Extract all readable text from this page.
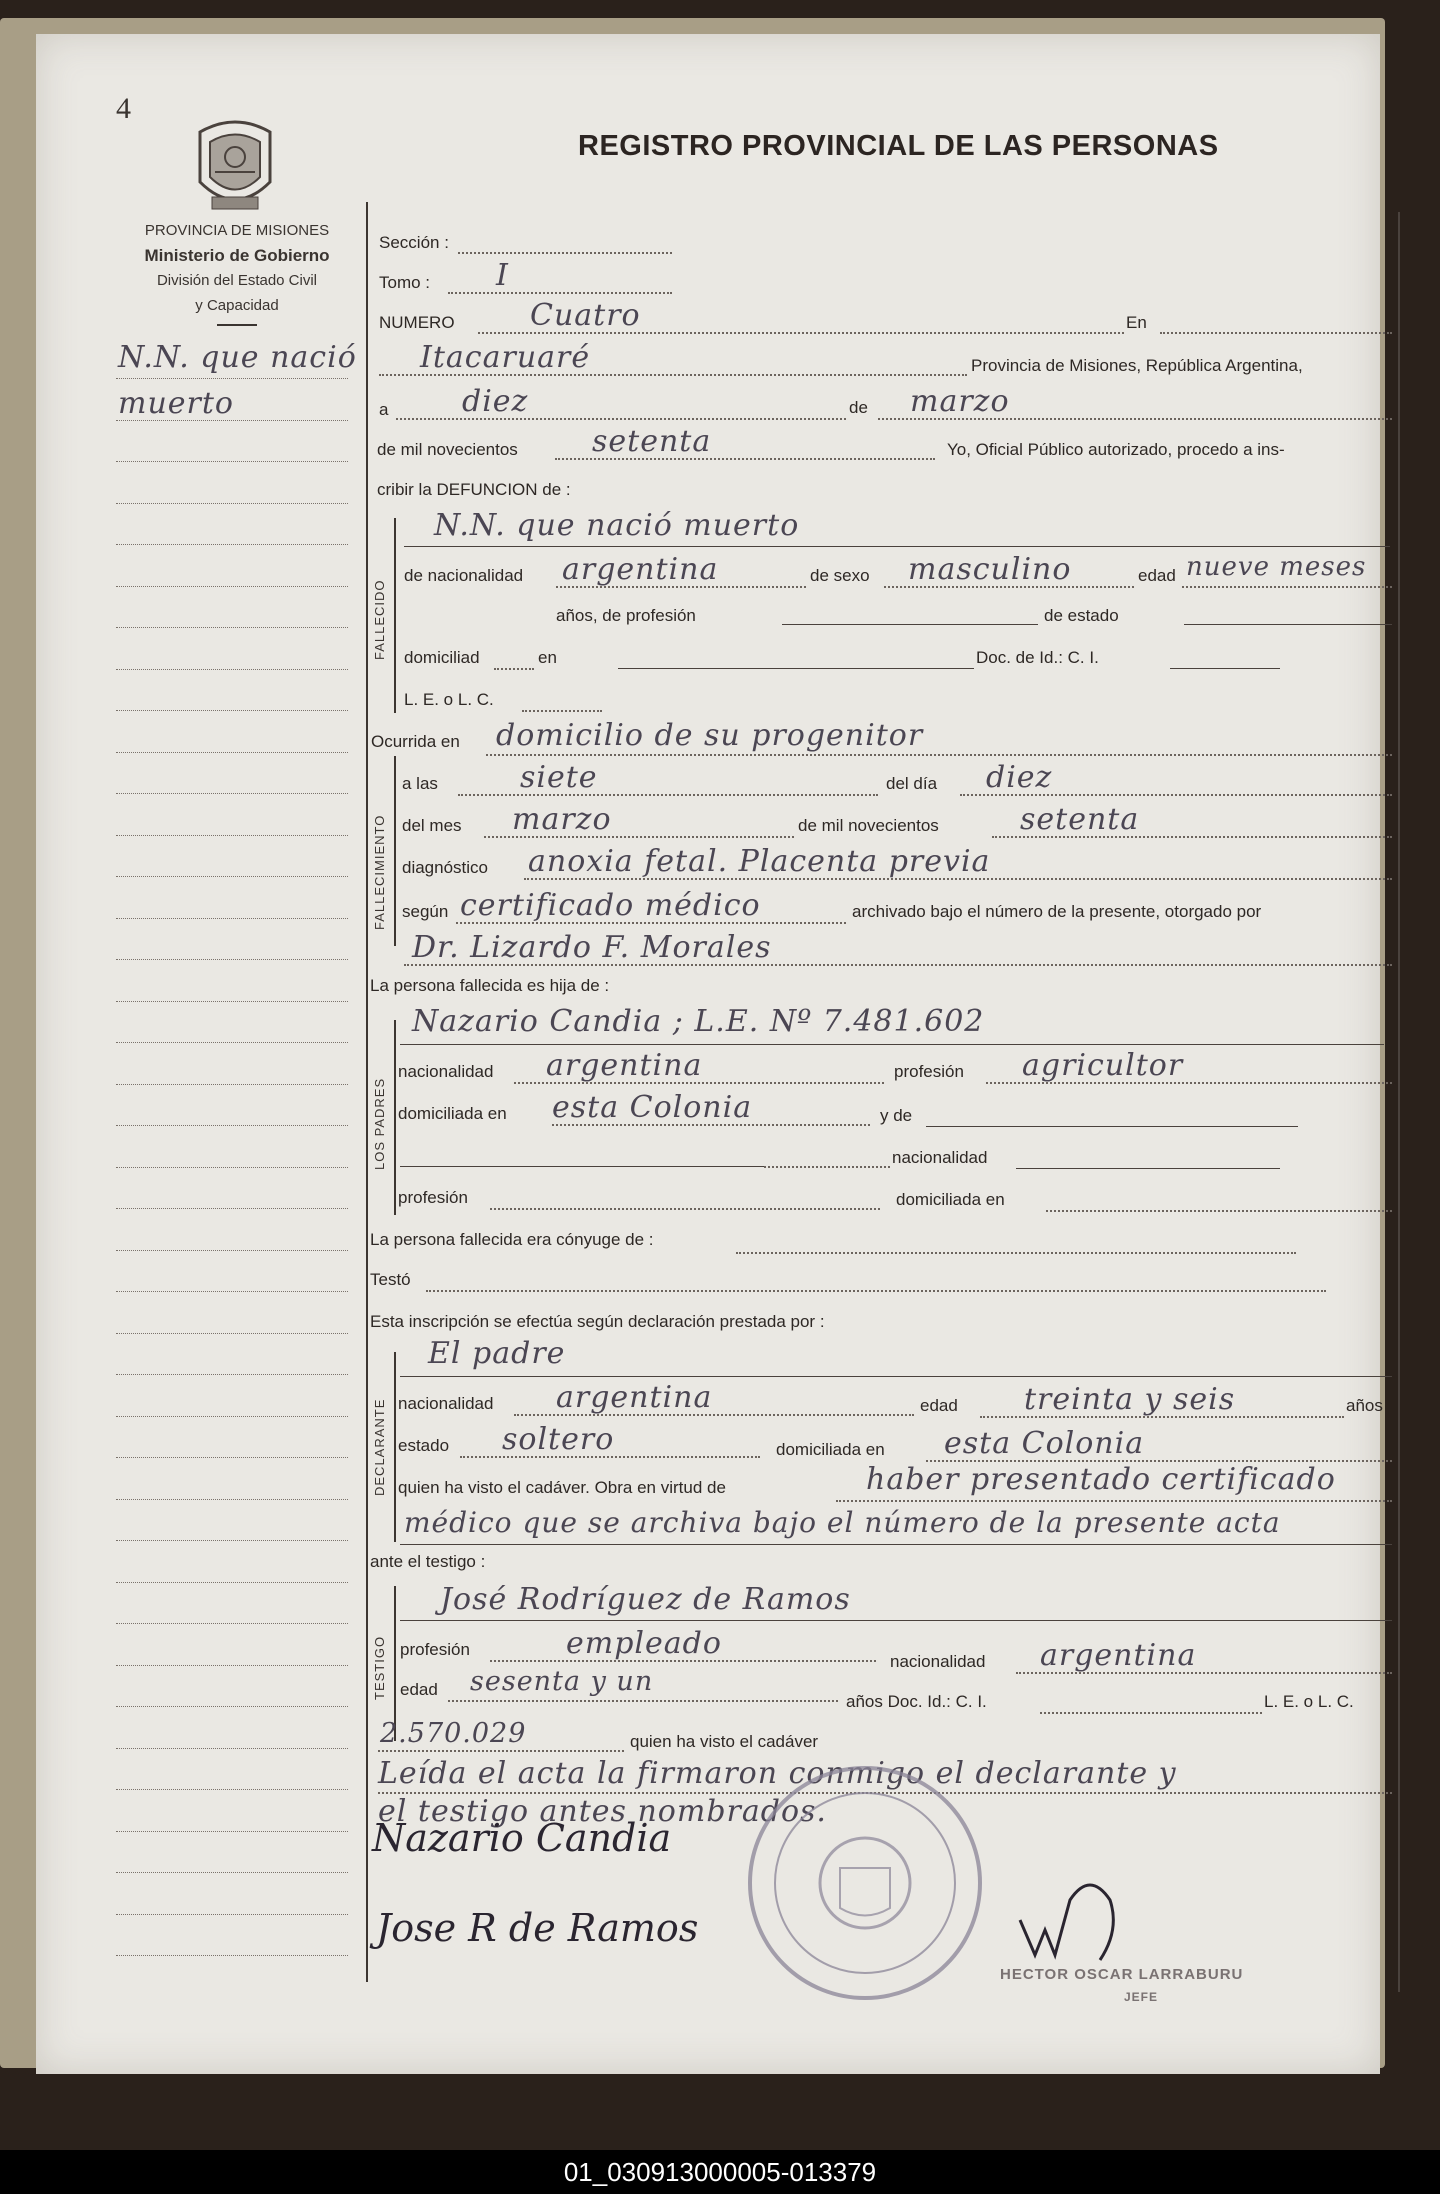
4
REGISTRO PROVINCIAL DE LAS PERSONAS
PROVINCIA DE MISIONES
Ministerio de Gobierno
División del Estado Civil
y Capacidad
N.N. que nació
muerto
FALLECIDO
FALLECIMIENTO
LOS PADRES
DECLARANTE
TESTIGO
Sección :
Tomo : I
NUMERO	Cuatro	En
Itacaruaré	Provincia de Misiones, República Argentina,
a diez	de marzo
de mil novecientos setenta	Yo, Oficial Público autorizado, procedo a ins-
cribir la DEFUNCION de :
N.N. que nació muerto
de nacionalidad argentina	de sexo masculino	edad nueve meses
años, de profesión	de estado
domiciliad	en	Doc. de Id.: C. I.
L. E. o L. C.
Ocurrida en domicilio de su progenitor
a las	siete	del día diez
del mes marzo	de mil novecientos	setenta
diagnóstico anoxia fetal. Placenta previa
según certificado médico	archivado bajo el número de la presente, otorgado por
Dr. Lizardo F. Morales
La persona fallecida es hija de :
Nazario Candia ; L.E. Nº 7.481.602
nacionalidad argentina	profesión agricultor
domiciliada en esta Colonia	y de
nacionalidad
profesión	domiciliada en
La persona fallecida era cónyuge de :
Testó
Esta inscripción se efectúa según declaración prestada por :
El padre
nacionalidad argentina	edad treinta y seis	años
estado soltero	domiciliada en esta Colonia
quien ha visto el cadáver. Obra en virtud de	haber presentado certificado
médico que se archiva bajo el número de la presente acta
ante el testigo :
José Rodríguez de Ramos
profesión	empleado
nacionalidad argentina
edad sesenta y un
años Doc. Id.: C. I.	L. E. o L. C.
2.570.029	quien ha visto el cadáver
Leída el acta la firmaron conmigo el declarante y
el testigo antes nombrados.
Nazario Candia
Jose R de Ramos
HECTOR OSCAR LARRABURU
JEFE
01_030913000005-013379
